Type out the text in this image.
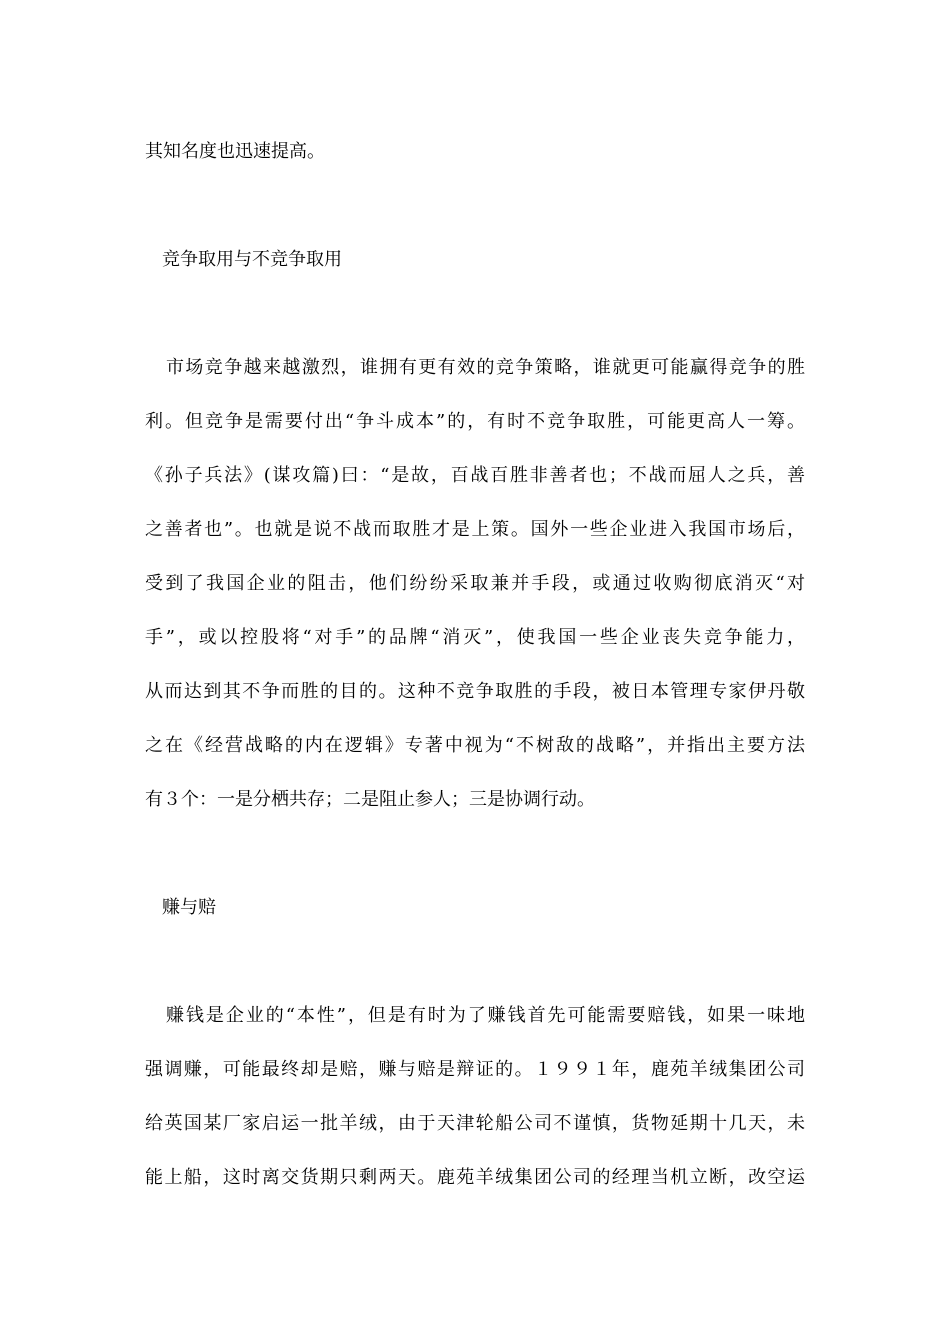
其知名度也迅速提高。
竞争取用与不竞争取用
市场竞争越来越激烈，谁拥有更有效的竞争策略，谁就更可能赢得竞争的胜
利。但竞争是需要付出“争斗成本”的，有时不竞争取胜，可能更高人一筹。
《孙子兵法》(谋攻篇)曰：“是故，百战百胜非善者也；不战而屈人之兵，善
之善者也”。也就是说不战而取胜才是上策。国外一些企业进入我国市场后，
受到了我国企业的阻击，他们纷纷采取兼并手段，或通过收购彻底消灭“对
手”，或以控股将“对手”的品牌“消灭”，使我国一些企业丧失竞争能力，
从而达到其不争而胜的目的。这种不竞争取胜的手段，被日本管理专家伊丹敬
之在《经营战略的内在逻辑》专著中视为“不树敌的战略”，并指出主要方法
有３个：一是分栖共存；二是阻止参人；三是协调行动。
赚与赔
赚钱是企业的“本性”，但是有时为了赚钱首先可能需要赔钱，如果一味地
强调赚，可能最终却是赔，赚与赔是辩证的。１９９１年，鹿苑羊绒集团公司
给英国某厂家启运一批羊绒，由于天津轮船公司不谨慎，货物延期十几天，未
能上船，这时离交货期只剩两天。鹿苑羊绒集团公司的经理当机立断，改空运
